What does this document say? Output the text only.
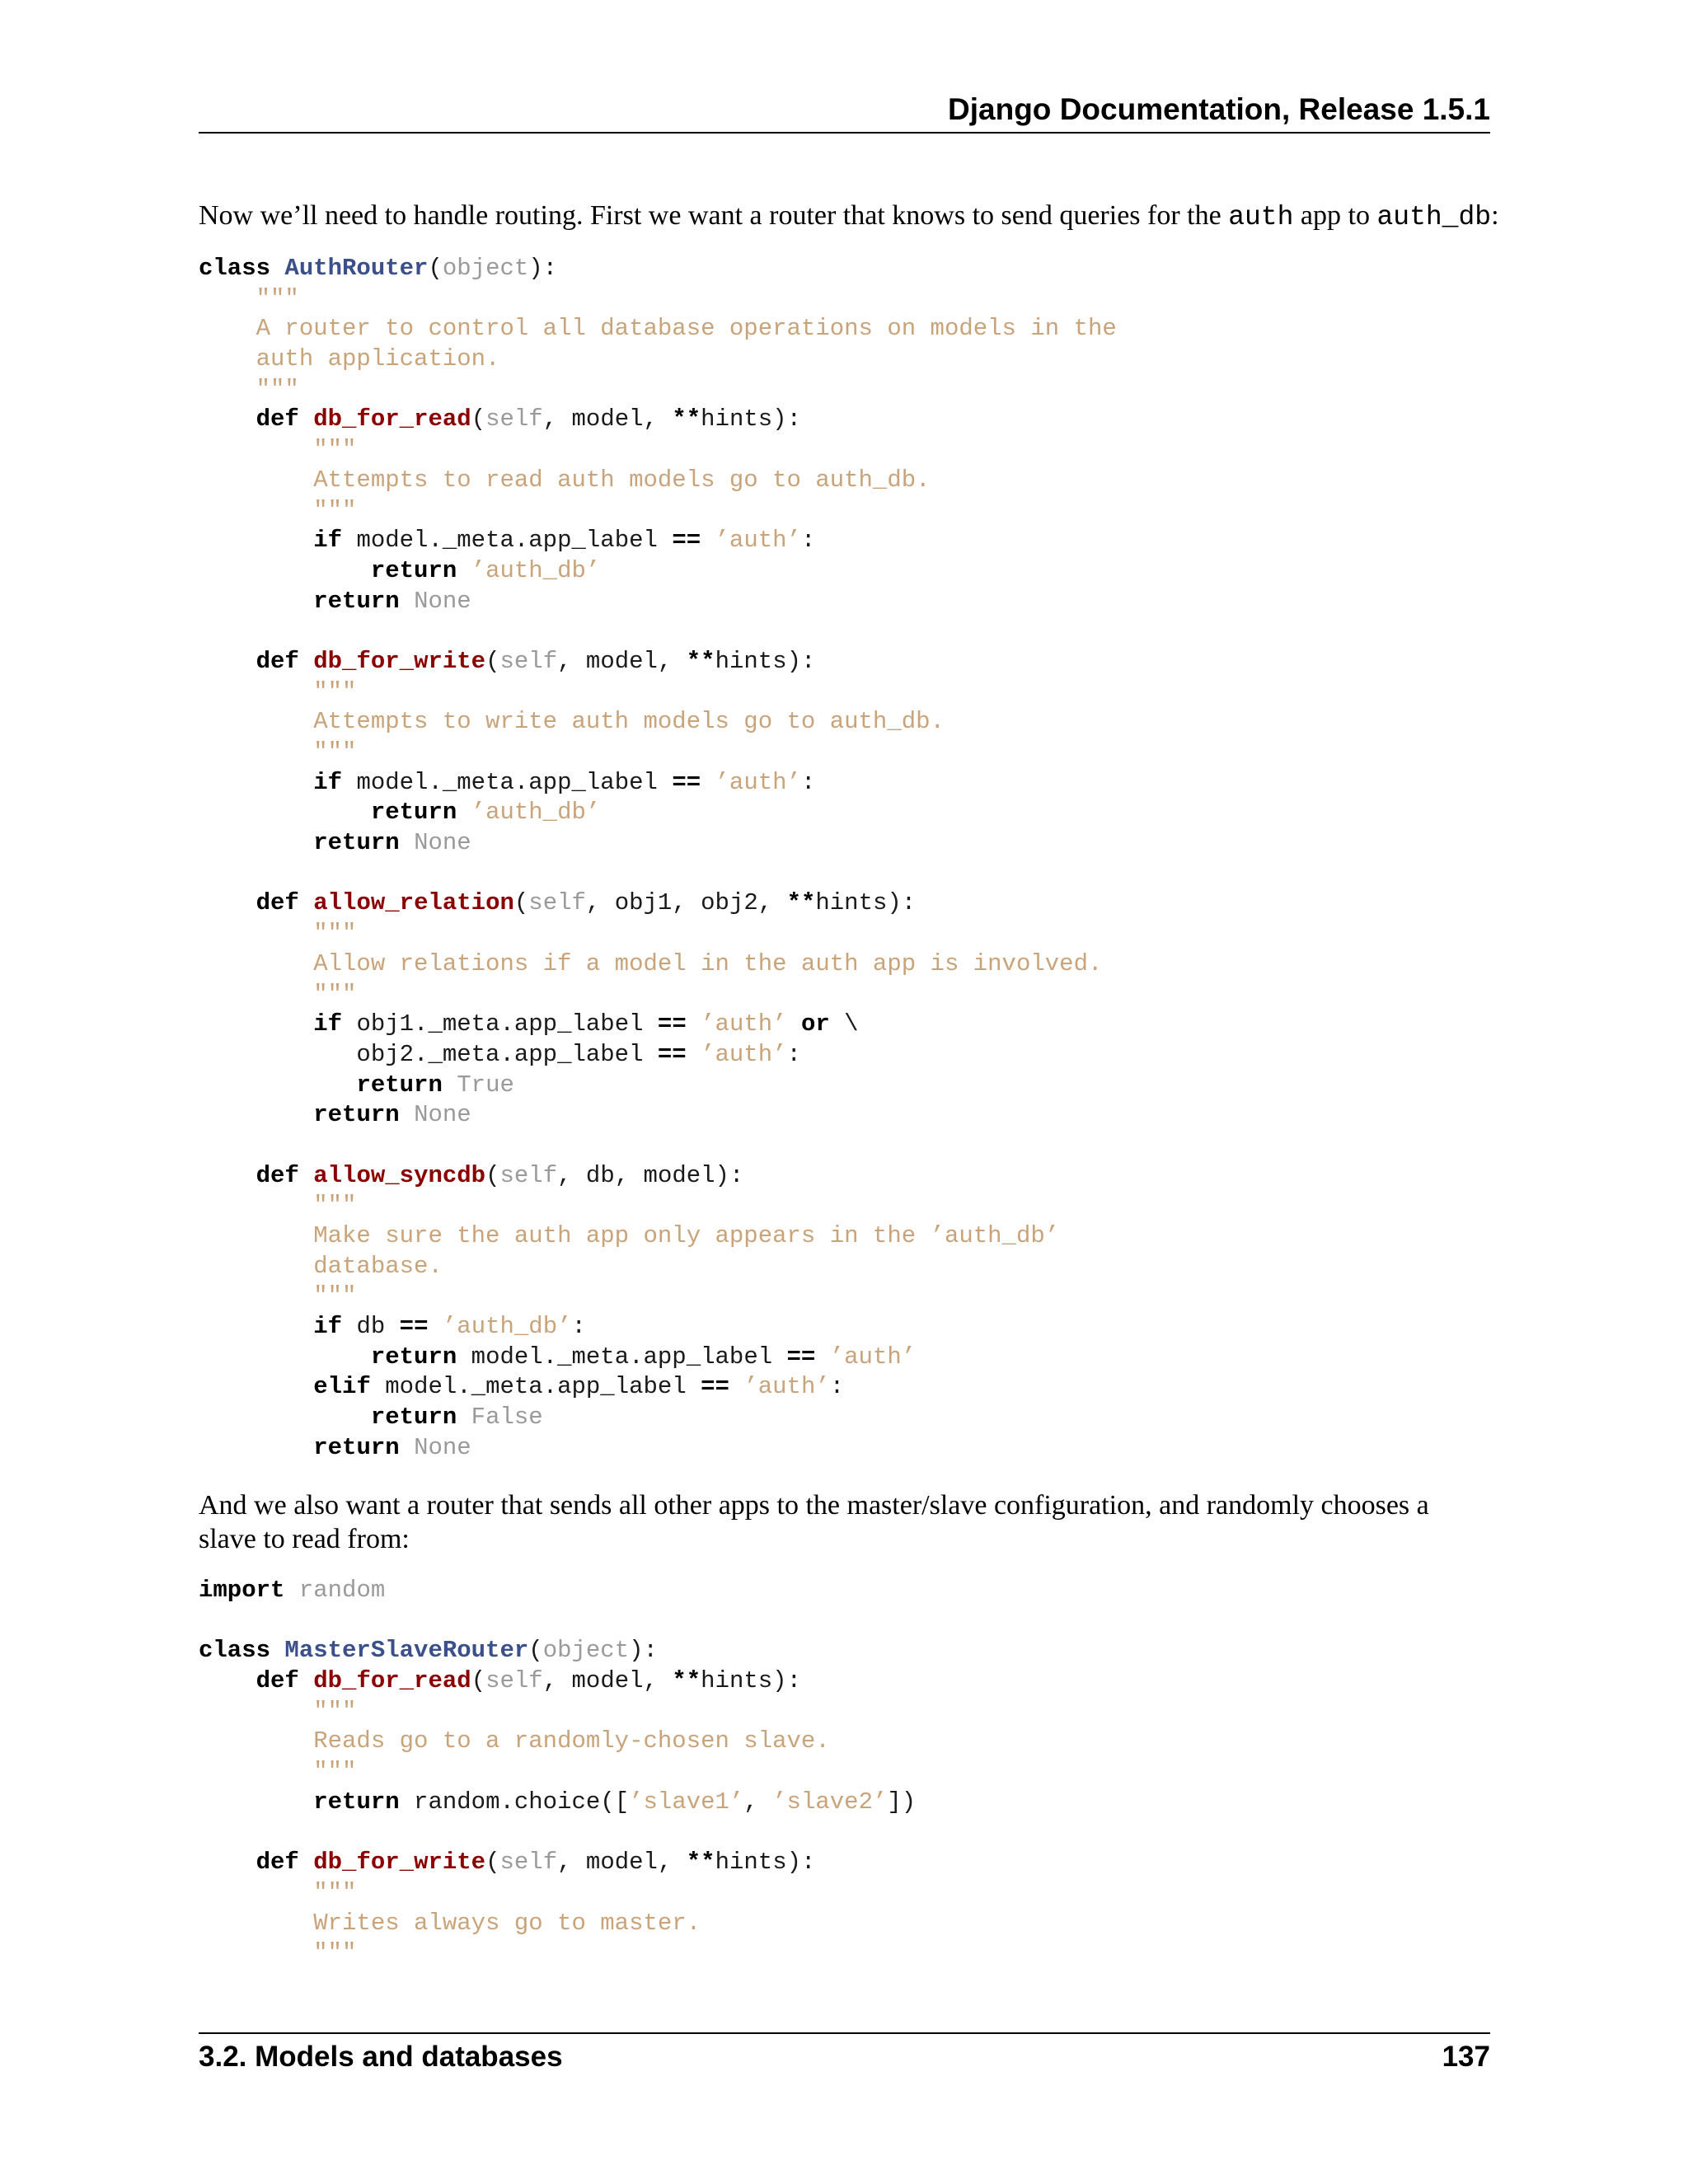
Django Documentation, Release 1.5.1

Now we’ll need to handle routing. First we want a router that knows to send queries for the auth app to auth_db:

class AuthRouter(object):
"""
A router to control all database operations on models in the
auth application.
"""
def db_for_read(self, model, **hints):
"""
Attempts to read auth models go to auth_db.
"""
if model._meta.app_label == ’auth’:
return ’auth_db’
return None

def db_for_write(self, model, **hints):
"""
Attempts to write auth models go to auth_db.
"""
if model._meta.app_label == ’auth’:
return ’auth_db’
return None

def allow_relation(self, obj1, obj2, **hints):
"""
Allow relations if a model in the auth app is involved.
"""
if obj1._meta.app_label == ’auth’ or \
obj2._meta.app_label == ’auth’:
return True
return None

def allow_syncdb(self, db, model):
"""
Make sure the auth app only appears in the ’auth_db’
database.
"""
if db == ’auth_db’:
return model._meta.app_label == ’auth’
elif model._meta.app_label == ’auth’:
return False
return None

And we also want a router that sends all other apps to the master/slave configuration, and randomly chooses a slave to read from:

import random

class MasterSlaveRouter(object):
def db_for_read(self, model, **hints):
"""
Reads go to a randomly-chosen slave.
"""
return random.choice([’slave1’, ’slave2’])

def db_for_write(self, model, **hints):
"""
Writes always go to master.
"""
3.2. Models and databases	137
